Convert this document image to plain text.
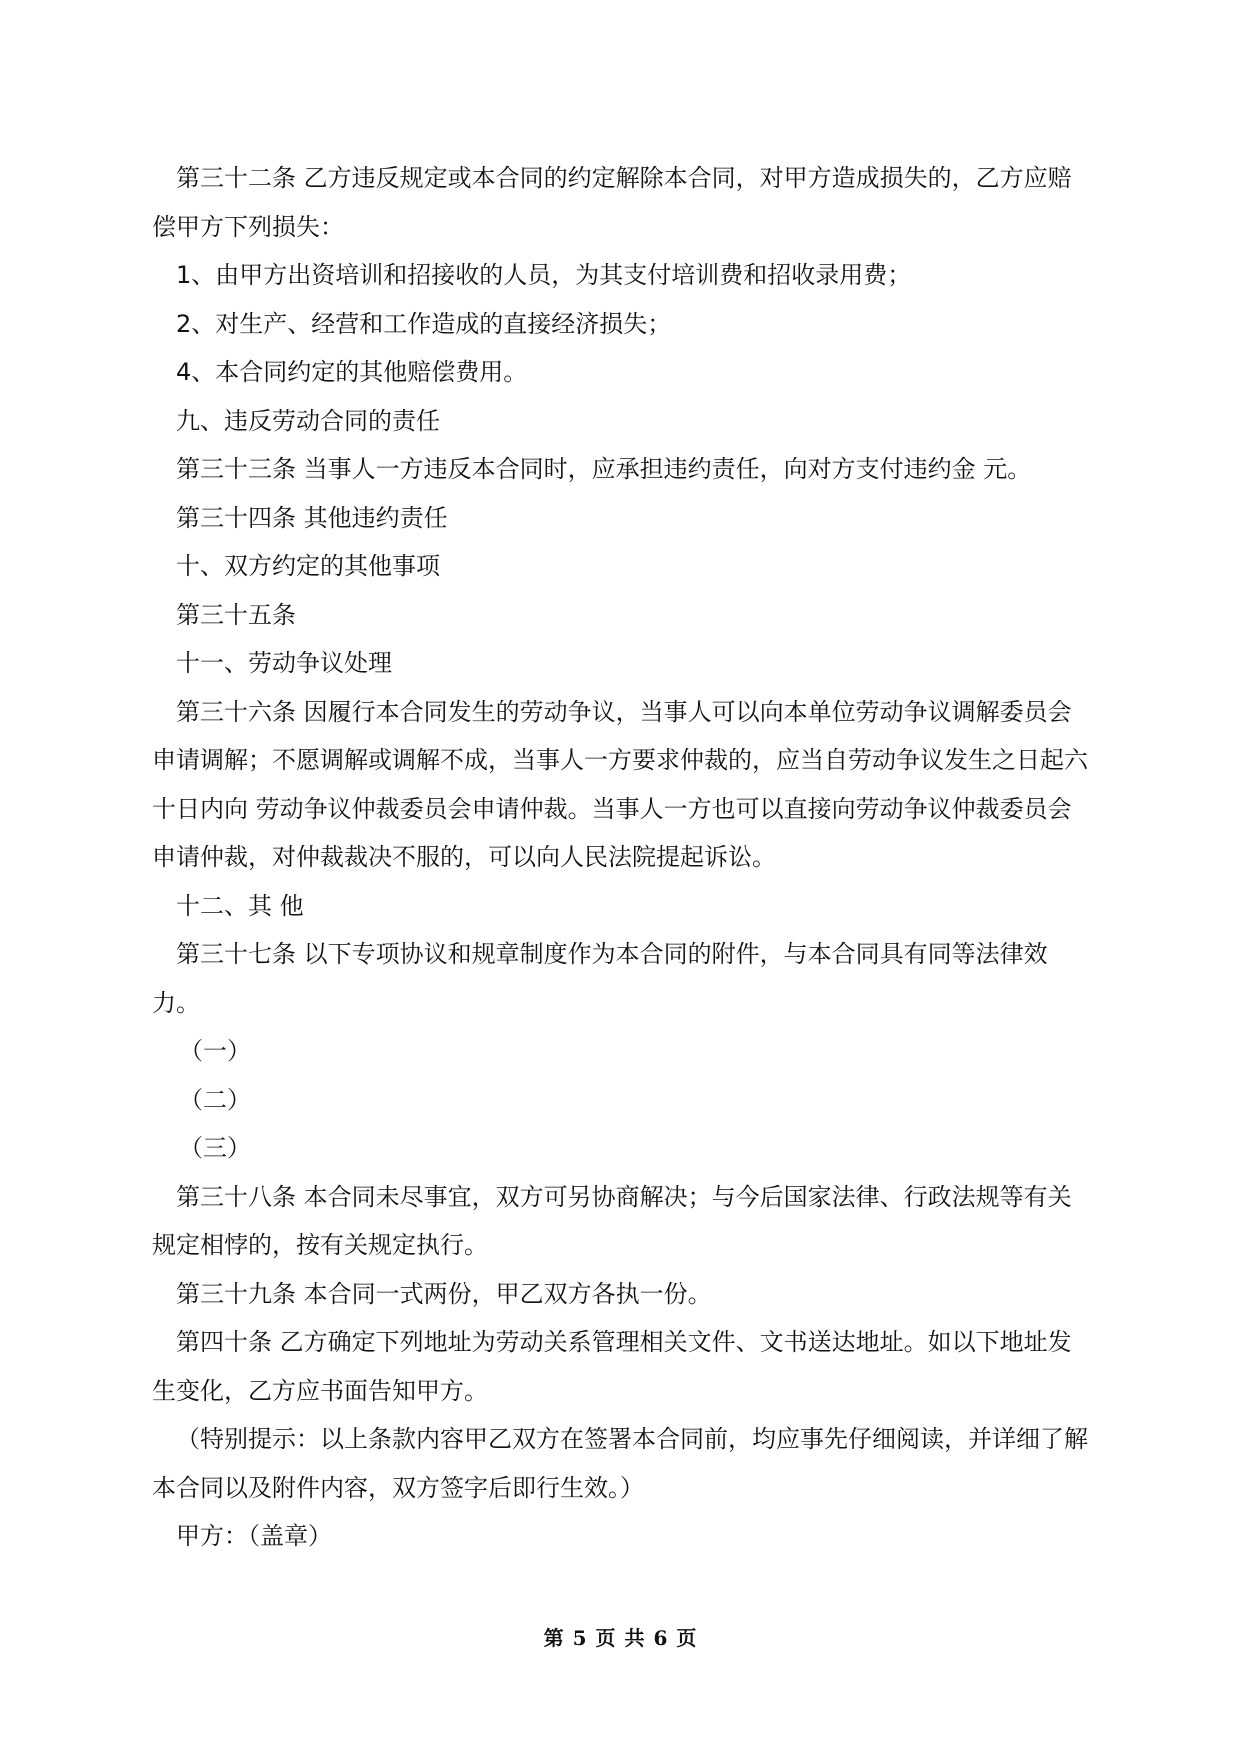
第三十二条 乙方违反规定或本合同的约定解除本合同，对甲方造成损失的，乙方应赔偿甲方下列损失：

1、由甲方出资培训和招接收的人员，为其支付培训费和招收录用费；

2、对生产、经营和工作造成的直接经济损失；

4、本合同约定的其他赔偿费用。

九、违反劳动合同的责任

第三十三条 当事人一方违反本合同时，应承担违约责任，向对方支付违约金 元。

第三十四条 其他违约责任

十、双方约定的其他事项

第三十五条

十一、劳动争议处理

第三十六条 因履行本合同发生的劳动争议，当事人可以向本单位劳动争议调解委员会申请调解；不愿调解或调解不成，当事人一方要求仲裁的，应当自劳动争议发生之日起六十日内向 劳动争议仲裁委员会申请仲裁。当事人一方也可以直接向劳动争议仲裁委员会申请仲裁，对仲裁裁决不服的，可以向人民法院提起诉讼。

十二、其 他

第三十七条 以下专项协议和规章制度作为本合同的附件，与本合同具有同等法律效力。

（一）

（二）

（三）

第三十八条 本合同未尽事宜，双方可另协商解决；与今后国家法律、行政法规等有关规定相悖的，按有关规定执行。

第三十九条 本合同一式两份，甲乙双方各执一份。

第四十条 乙方确定下列地址为劳动关系管理相关文件、文书送达地址。如以下地址发生变化，乙方应书面告知甲方。

（特别提示：以上条款内容甲乙双方在签署本合同前，均应事先仔细阅读，并详细了解本合同以及附件内容，双方签字后即行生效。）

甲方：（盖章）

第 5 页 共 6 页
